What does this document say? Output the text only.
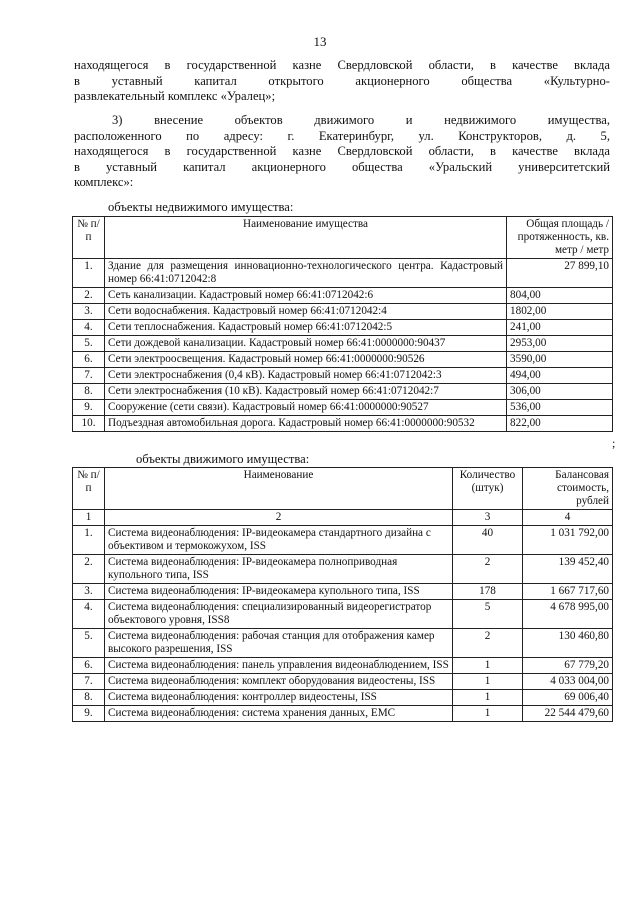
13
находящегося в государственной казне Свердловской области, в качестве вклада
в уставный капитал открытого акционерного общества «Культурно-
развлекательный комплекс «Уралец»;
3) внесение объектов движимого и недвижимого имущества,
расположенного по адресу: г. Екатеринбург, ул. Конструкторов, д. 5,
находящегося в государственной казне Свердловской области, в качестве вклада
в уставный капитал акционерного общества «Уральский университетский
комплекс»:
объекты недвижимого имущества:
№ п/п	Наименование имущества	Общая площадь / протяженность, кв. метр / метр
1.	Здание для размещения инновационно-технологического центра. Кадастровый номер 66:41:0712042:8	27 899,10
2.	Сеть канализации. Кадастровый номер 66:41:0712042:6	804,00
3.	Сети водоснабжения. Кадастровый номер 66:41:0712042:4	1802,00
4.	Сети теплоснабжения. Кадастровый номер 66:41:0712042:5	241,00
5.	Сети дождевой канализации. Кадастровый номер 66:41:0000000:90437	2953,00
6.	Сети электроосвещения. Кадастровый номер 66:41:0000000:90526	3590,00
7.	Сети электроснабжения (0,4 кВ). Кадастровый номер 66:41:0712042:3	494,00
8.	Сети электроснабжения (10 кВ). Кадастровый номер 66:41:0712042:7	306,00
9.	Сооружение (сети связи). Кадастровый номер 66:41:0000000:90527	536,00
10.	Подъездная автомобильная дорога. Кадастровый номер 66:41:0000000:90532	822,00
;
объекты движимого имущества:
№ п/п	Наименование	Количество (штук)	Балансовая стоимость, рублей
1	2	3	4
1.	Система видеонаблюдения: IP-видеокамера стандартного дизайна с объективом и термокожухом, ISS	40	1 031 792,00
2.	Система видеонаблюдения: IP-видеокамера полноприводная купольного типа, ISS	2	139 452,40
3.	Система видеонаблюдения: IP-видеокамера купольного типа, ISS	178	1 667 717,60
4.	Система видеонаблюдения: специализированный видеорегистратор объектового уровня, ISS8	5	4 678 995,00
5.	Система видеонаблюдения: рабочая станция для отображения камер высокого разрешения, ISS	2	130 460,80
6.	Система видеонаблюдения: панель управления видеонаблюдением, ISS	1	67 779,20
7.	Система видеонаблюдения: комплект оборудования видеостены, ISS	1	4 033 004,00
8.	Система видеонаблюдения: контроллер видеостены, ISS	1	69 006,40
9.	Система видеонаблюдения: система хранения данных, EMC	1	22 544 479,60
